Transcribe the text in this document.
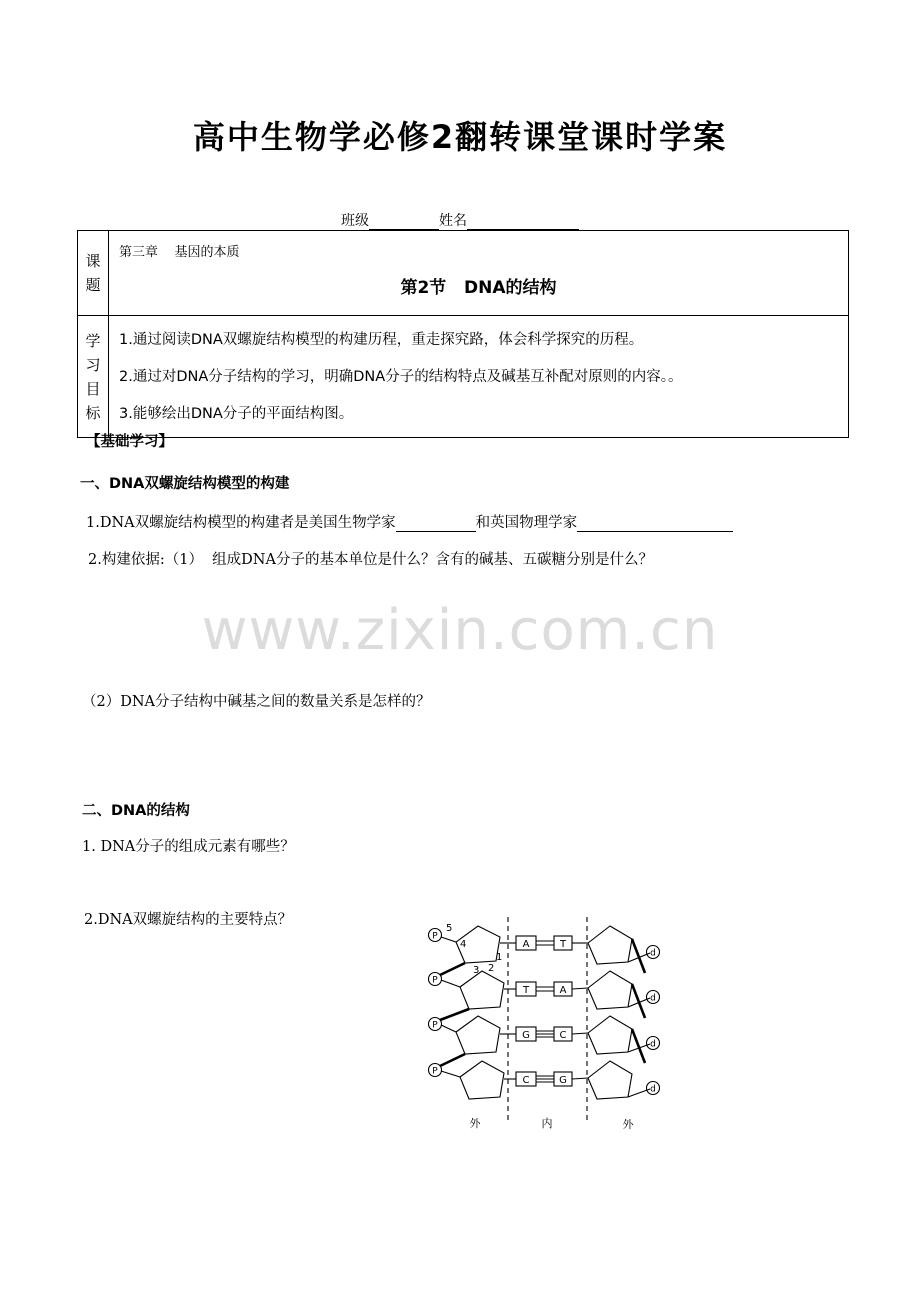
高中生物学必修2翻转课堂课时学案
班级	姓名
课题	第三章    基因的本质
第2节   DNA的结构

学习目标	1.通过阅读DNA双螺旋结构模型的构建历程，重走探究路，体会科学探究的历程。
2.通过对DNA分子结构的学习，明确DNA分子的结构特点及碱基互补配对原则的内容。。
3.能够绘出DNA分子的平面结构图。
【基础学习】
一、DNA双螺旋结构模型的构建
1.DNA双螺旋结构模型的构建者是美国生物学家	和英国物理学家
2.构建依据:（1）  组成DNA分子的基本单位是什么？含有的碱基、五碳糖分别是什么？
www.zixin.com.cn
（2）DNA分子结构中碱基之间的数量关系是怎样的？
二、DNA的结构
1. DNA分子的组成元素有哪些？
2.DNA双螺旋结构的主要特点？
P
P
P
P
d
d
d
d
A
T
G
C
T
A
C
G
5
4
3 2
1
外	内	外
